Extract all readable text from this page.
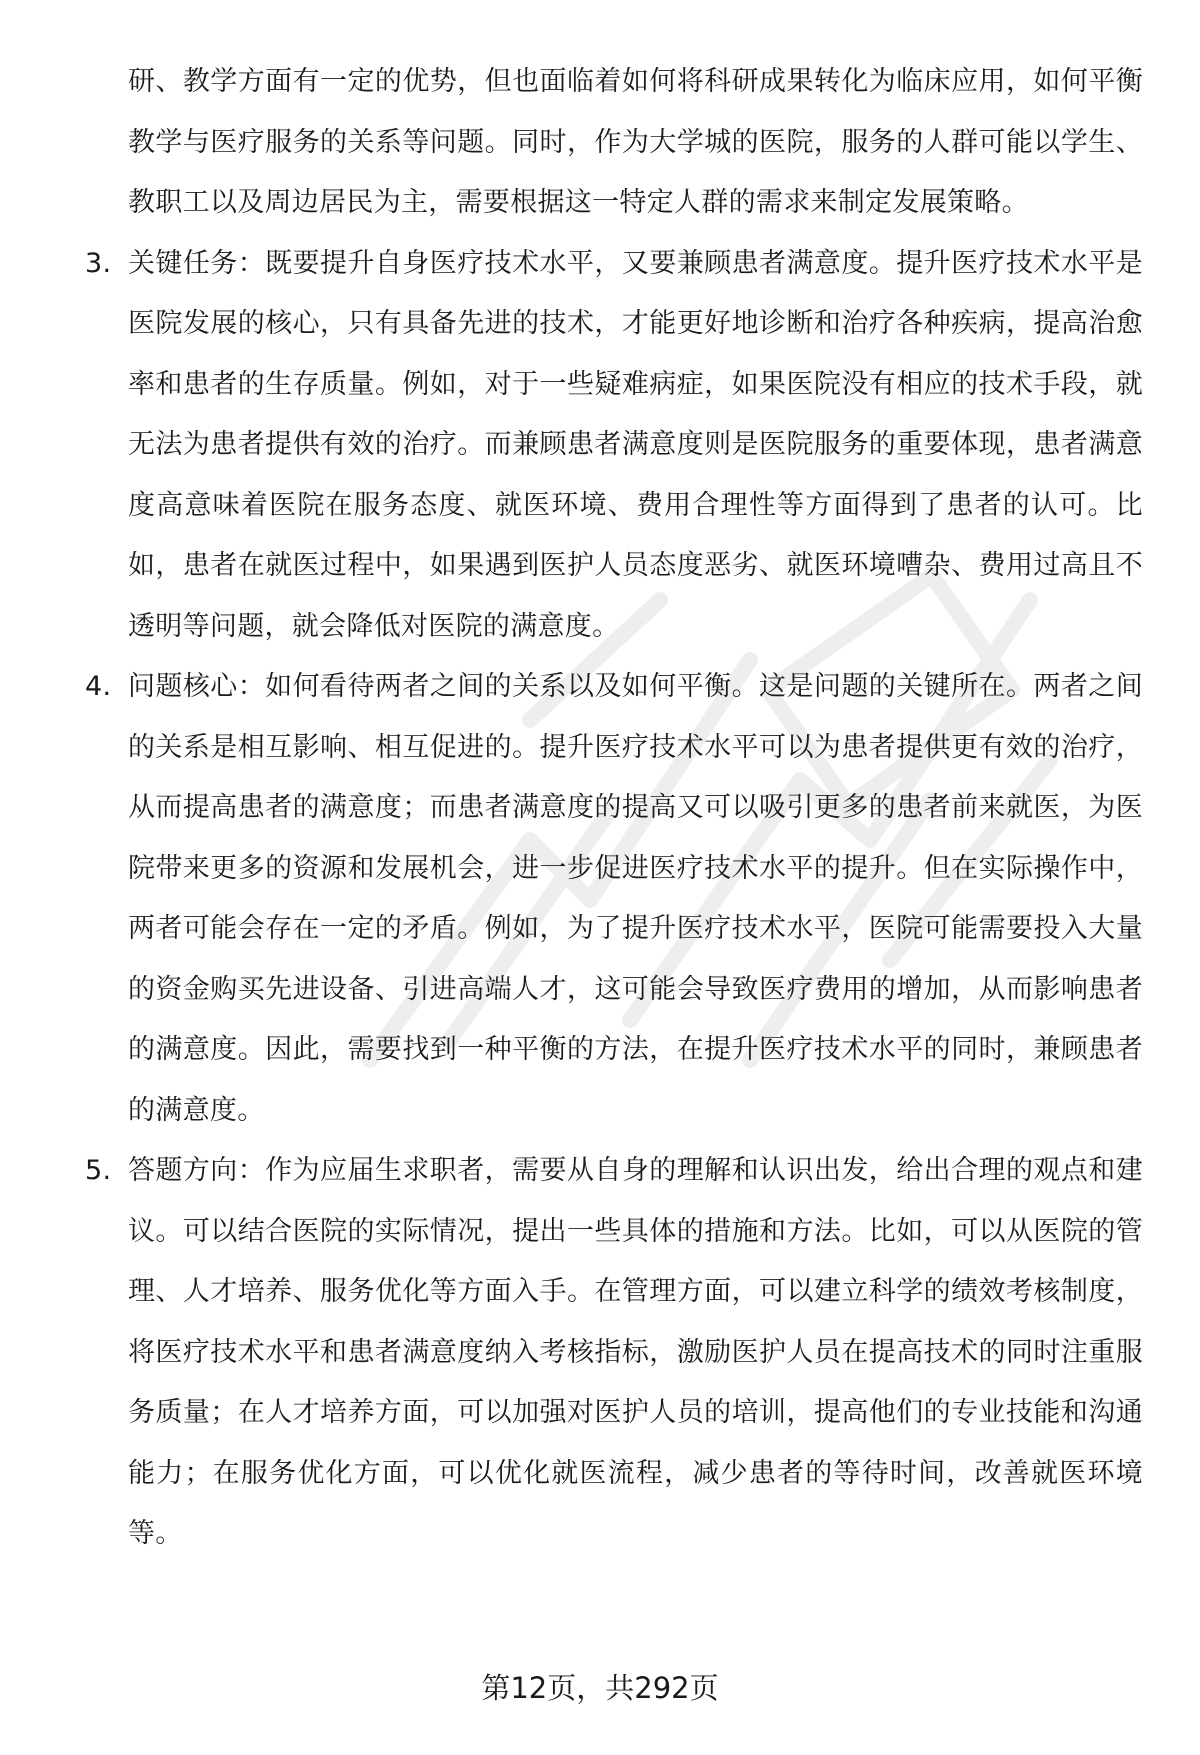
研、教学方面有一定的优势，但也面临着如何将科研成果转化为临床应用，如何平衡教学与医疗服务的关系等问题。同时，作为大学城的医院，服务的人群可能以学生、教职工以及周边居民为主，需要根据这一特定人群的需求来制定发展策略。

3. 关键任务：既要提升自身医疗技术水平，又要兼顾患者满意度。提升医疗技术水平是医院发展的核心，只有具备先进的技术，才能更好地诊断和治疗各种疾病，提高治愈率和患者的生存质量。例如，对于一些疑难病症，如果医院没有相应的技术手段，就无法为患者提供有效的治疗。而兼顾患者满意度则是医院服务的重要体现，患者满意度高意味着医院在服务态度、就医环境、费用合理性等方面得到了患者的认可。比如，患者在就医过程中，如果遇到医护人员态度恶劣、就医环境嘈杂、费用过高且不透明等问题，就会降低对医院的满意度。

4. 问题核心：如何看待两者之间的关系以及如何平衡。这是问题的关键所在。两者之间的关系是相互影响、相互促进的。提升医疗技术水平可以为患者提供更有效的治疗，从而提高患者的满意度；而患者满意度的提高又可以吸引更多的患者前来就医，为医院带来更多的资源和发展机会，进一步促进医疗技术水平的提升。但在实际操作中，两者可能会存在一定的矛盾。例如，为了提升医疗技术水平，医院可能需要投入大量的资金购买先进设备、引进高端人才，这可能会导致医疗费用的增加，从而影响患者的满意度。因此，需要找到一种平衡的方法，在提升医疗技术水平的同时，兼顾患者的满意度。

5. 答题方向：作为应届生求职者，需要从自身的理解和认识出发，给出合理的观点和建议。可以结合医院的实际情况，提出一些具体的措施和方法。比如，可以从医院的管理、人才培养、服务优化等方面入手。在管理方面，可以建立科学的绩效考核制度，将医疗技术水平和患者满意度纳入考核指标，激励医护人员在提高技术的同时注重服务质量；在人才培养方面，可以加强对医护人员的培训，提高他们的专业技能和沟通能力；在服务优化方面，可以优化就医流程，减少患者的等待时间，改善就医环境等。

第12页，共292页
